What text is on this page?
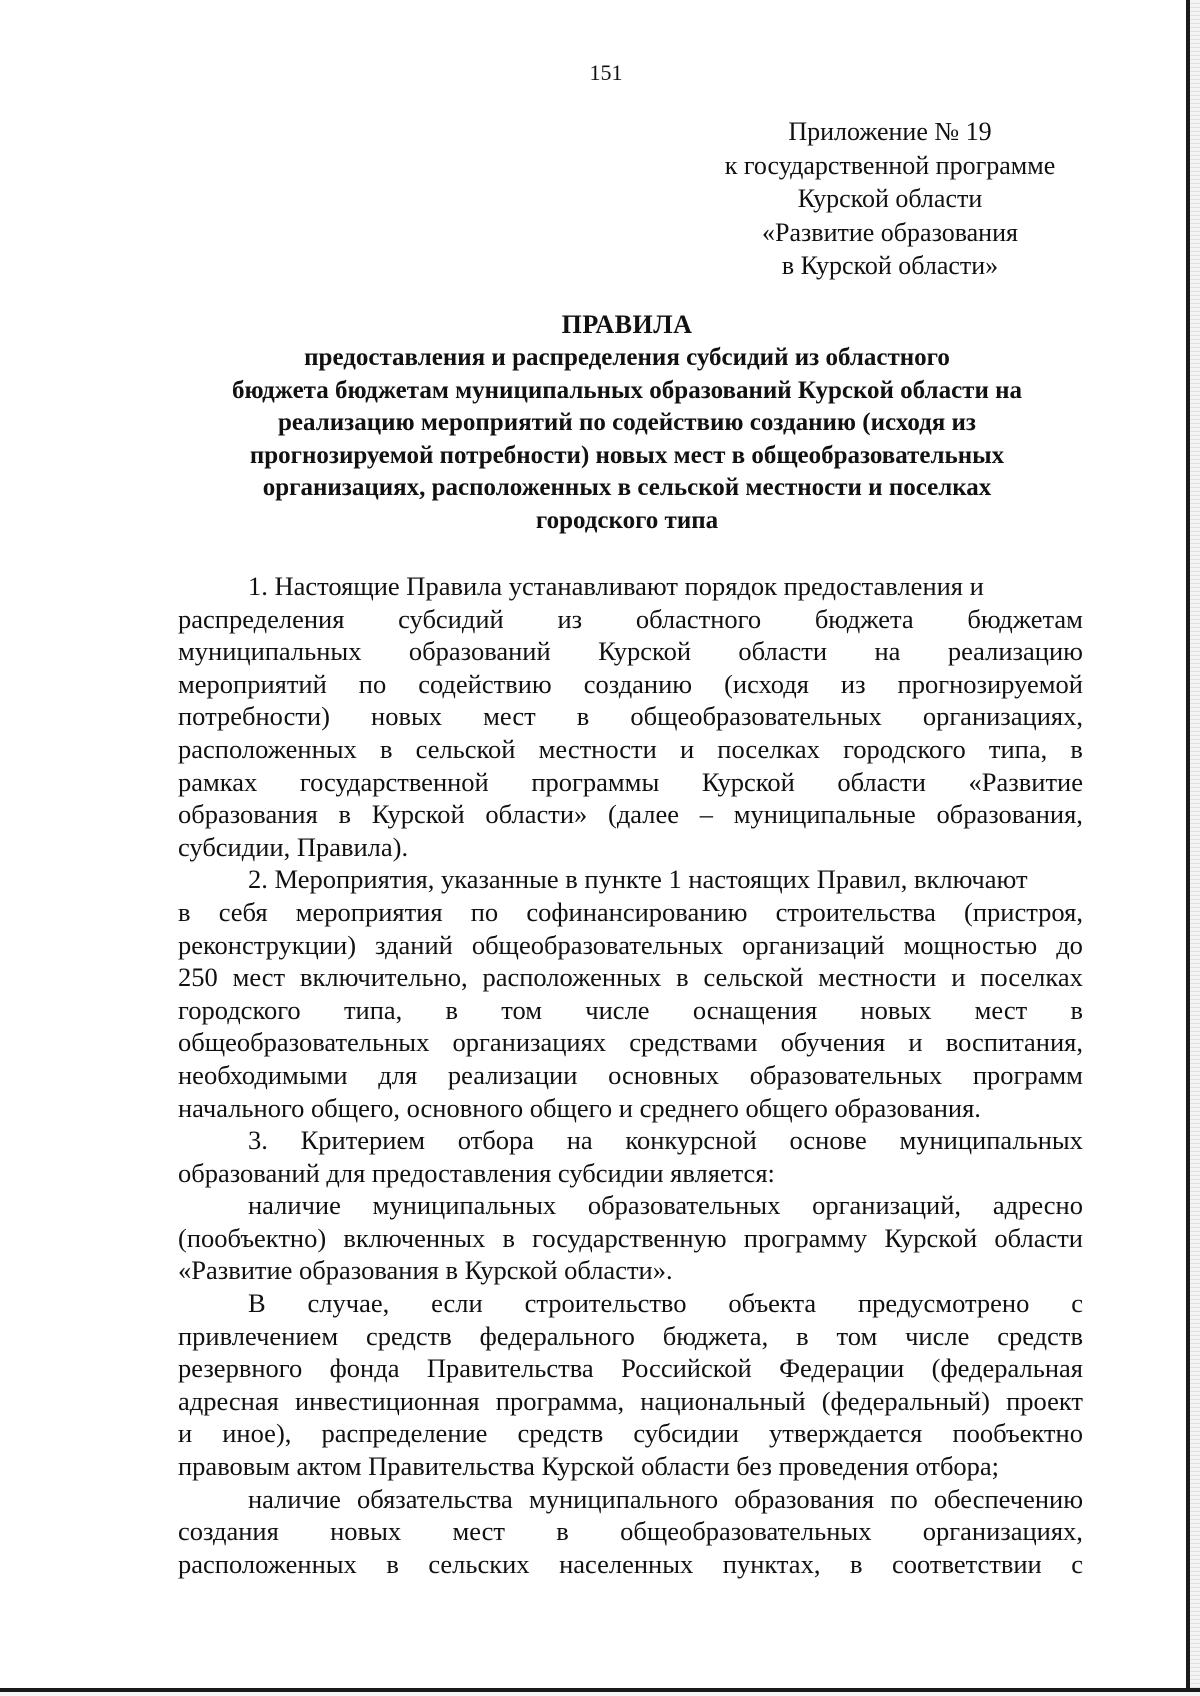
151
Приложение № 19
к государственной программе
Курской области
«Развитие образования
в Курской области»
ПРАВИЛА
предоставления и распределения субсидий из областного
бюджета бюджетам муниципальных образований Курской области на
реализацию мероприятий по содействию созданию (исходя из
прогнозируемой потребности) новых мест в общеобразовательных
организациях, расположенных в сельской местности и поселках
городского типа
1. Настоящие Правила устанавливают порядок предоставления и
распределения субсидий из областного бюджета бюджетам
муниципальных образований Курской области на реализацию
мероприятий по содействию созданию (исходя из прогнозируемой
потребности) новых мест в общеобразовательных организациях,
расположенных в сельской местности и поселках городского типа, в
рамках государственной программы Курской области «Развитие
образования в Курской области» (далее – муниципальные образования,
субсидии, Правила).
2. Мероприятия, указанные в пункте 1 настоящих Правил, включают
в себя мероприятия по софинансированию строительства (пристроя,
реконструкции) зданий общеобразовательных организаций мощностью до
250 мест включительно, расположенных в сельской местности и поселках
городского типа, в том числе оснащения новых мест в
общеобразовательных организациях средствами обучения и воспитания,
необходимыми для реализации основных образовательных программ
начального общего, основного общего и среднего общего образования.
3. Критерием отбора на конкурсной основе муниципальных
образований для предоставления субсидии является:
наличие муниципальных образовательных организаций, адресно
(пообъектно) включенных в государственную программу Курской области
«Развитие образования в Курской области».
В случае, если строительство объекта предусмотрено с
привлечением средств федерального бюджета, в том числе средств
резервного фонда Правительства Российской Федерации (федеральная
адресная инвестиционная программа, национальный (федеральный) проект
и иное), распределение средств субсидии утверждается пообъектно
правовым актом Правительства Курской области без проведения отбора;
наличие обязательства муниципального образования по обеспечению
создания новых мест в общеобразовательных организациях,
расположенных в сельских населенных пунктах, в соответствии с
